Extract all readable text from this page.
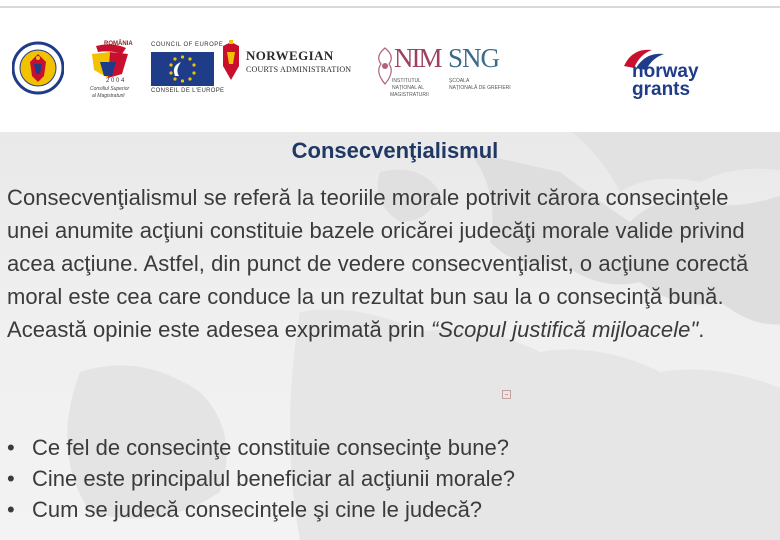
ROMÂNIA
2 0 0 4
Consiliul Superior
al Magistraturii
COUNCIL OF EUROPE
CONSEIL DE L'EUROPE
NORWEGIAN
COURTS ADMINISTRATION NIM
INSTITUTUL
NAȚIONAL AL
MAGISTRATURII
SNG
ȘCOALA
NAȚIONALĂ DE GREFIERI
norway
grants
Consecvenţialismul

Consecvenţialismul se referă la teoriile morale potrivit cărora consecinţele unei anumite acţiuni constituie bazele oricărei judecăţi morale valide privind acea acţiune. Astfel, din punct de vedere consecvenţialist, o acţiune corectă moral este cea care conduce la un rezultat bun sau la o consecinţă bună. Această opinie este adesea exprimată prin “Scopul justifică mijloacele".

• Ce fel de consecinţe constituie consecinţe bune?
• Cine este principalul beneficiar al acţiunii morale?
• Cum se judecă consecinţele şi cine le judecă?
